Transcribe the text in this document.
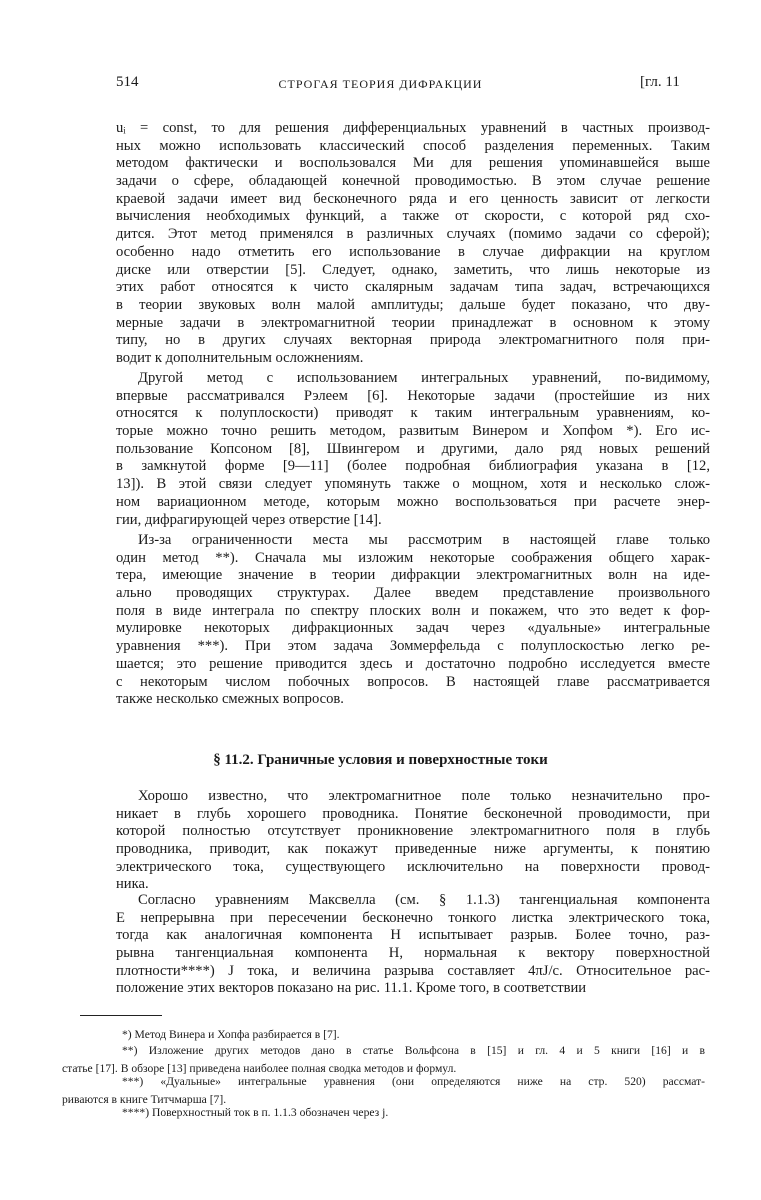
514	СТРОГАЯ ТЕОРИЯ ДИФРАКЦИИ	[гл. 11
uᵢ = const, то для решения дифференциальных уравнений в частных производ-
ных можно использовать классический способ разделения переменных. Таким
методом фактически и воспользовался Ми для решения упоминавшейся выше
задачи о сфере, обладающей конечной проводимостью. В этом случае решение
краевой задачи имеет вид бесконечного ряда и его ценность зависит от легкости
вычисления необходимых функций, а также от скорости, с которой ряд схо-
дится. Этот метод применялся в различных случаях (помимо задачи со сферой);
особенно надо отметить его использование в случае дифракции на круглом
диске или отверстии [5]. Следует, однако, заметить, что лишь некоторые из
этих работ относятся к чисто скалярным задачам типа задач, встречающихся
в теории звуковых волн малой амплитуды; дальше будет показано, что дву-
мерные задачи в электромагнитной теории принадлежат в основном к этому
типу, но в других случаях векторная природа электромагнитного поля при-
водит к дополнительным осложнениям.
Другой метод с использованием интегральных уравнений, по-видимому,
впервые рассматривался Рэлеем [6]. Некоторые задачи (простейшие из них
относятся к полуплоскости) приводят к таким интегральным уравнениям, ко-
торые можно точно решить методом, развитым Винером и Хопфом *). Его ис-
пользование Копсоном [8], Швингером и другими, дало ряд новых решений
в замкнутой форме [9—11] (более подробная библиография указана в [12,
13]). В этой связи следует упомянуть также о мощном, хотя и несколько слож-
ном вариационном методе, которым можно воспользоваться при расчете энер-
гии, дифрагирующей через отверстие [14].
Из-за ограниченности места мы рассмотрим в настоящей главе только
один метод **). Сначала мы изложим некоторые соображения общего харак-
тера, имеющие значение в теории дифракции электромагнитных волн на иде-
ально проводящих структурах. Далее введем представление произвольного
поля в виде интеграла по спектру плоских волн и покажем, что это ведет к фор-
мулировке некоторых дифракционных задач через «дуальные» интегральные
уравнения ***). При этом задача Зоммерфельда с полуплоскостью легко ре-
шается; это решение приводится здесь и достаточно подробно исследуется вместе
с некоторым числом побочных вопросов. В настоящей главе рассматривается
также несколько смежных вопросов.
§ 11.2. Граничные условия и поверхностные токи
Хорошо известно, что электромагнитное поле только незначительно про-
никает в глубь хорошего проводника. Понятие бесконечной проводимости, при
которой полностью отсутствует проникновение электромагнитного поля в глубь
проводника, приводит, как покажут приведенные ниже аргументы, к понятию
электрического тока, существующего исключительно на поверхности провод-
ника.
Согласно уравнениям Максвелла (см. § 1.1.3) тангенциальная компонента
E непрерывна при пересечении бесконечно тонкого листка электрического тока,
тогда как аналогичная компонента H испытывает разрыв. Более точно, раз-
рывна тангенциальная компонента H, нормальная к вектору поверхностной
плотности****) J тока, и величина разрыва составляет 4πJ/c. Относительное рас-
положение этих векторов показано на рис. 11.1. Кроме того, в соответствии
*) Метод Винера и Хопфа разбирается в [7].
**) Изложение других методов дано в статье Вольфсона в [15] и гл. 4 и 5 книги [16] и в
статье [17]. В обзоре [13] приведена наиболее полная сводка методов и формул.
***) «Дуальные» интегральные уравнения (они определяются ниже на стр. 520) рассмат-
риваются в книге Титчмарша [7].
****) Поверхностный ток в п. 1.1.3 обозначен через j.
